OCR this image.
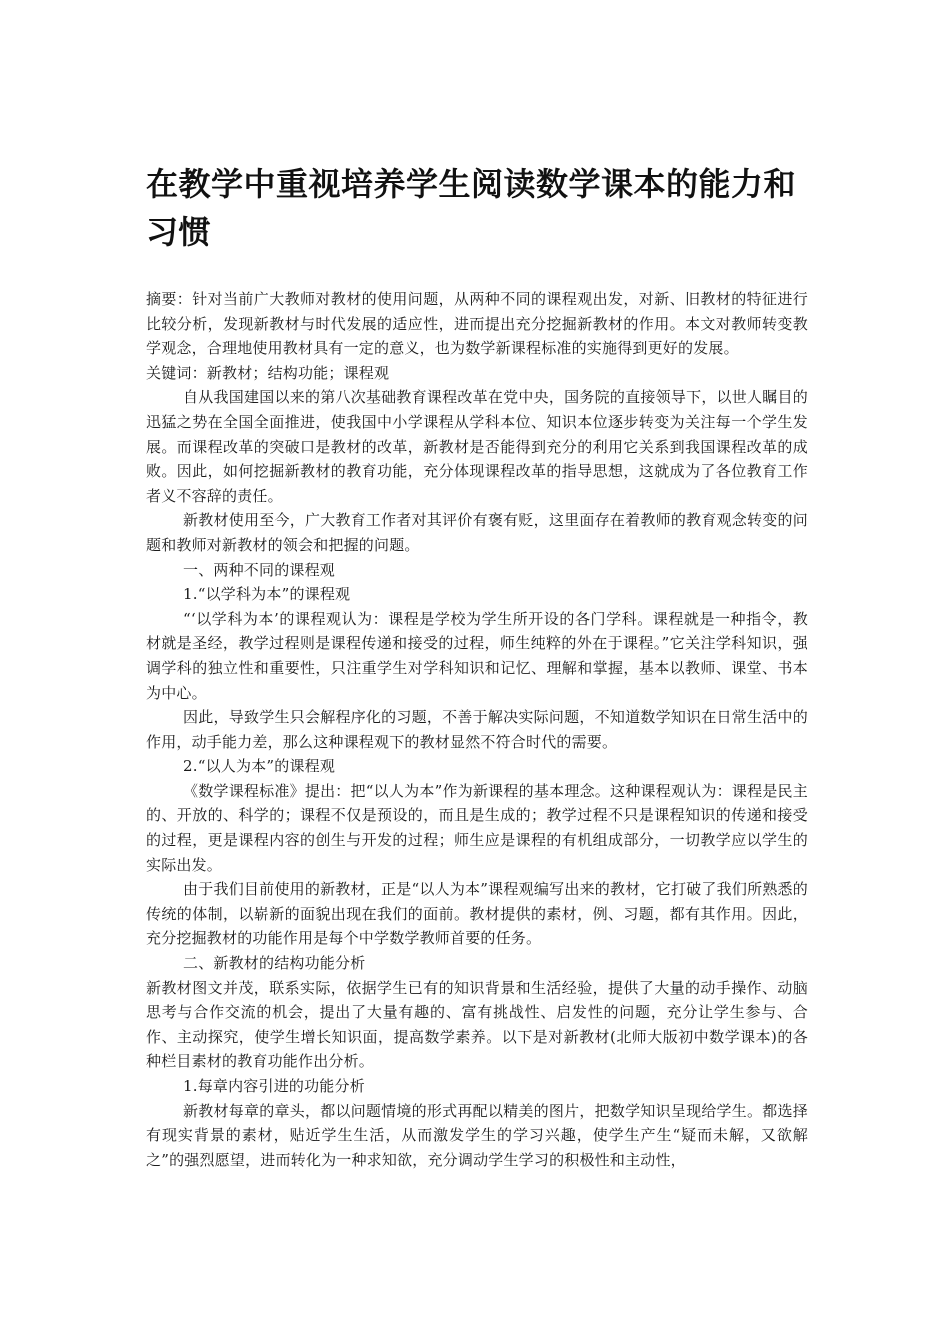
在教学中重视培养学生阅读数学课本的能力和习惯

摘要：针对当前广大教师对教材的使用问题，从两种不同的课程观出发，对新、旧教材的特征进行比较分析，发现新教材与时代发展的适应性，进而提出充分挖掘新教材的作用。本文对教师转变教学观念，合理地使用教材具有一定的意义，也为数学新课程标准的实施得到更好的发展。

关键词：新教材；结构功能；课程观

自从我国建国以来的第八次基础教育课程改革在党中央，国务院的直接领导下，以世人瞩目的迅猛之势在全国全面推进，使我国中小学课程从学科本位、知识本位逐步转变为关注每一个学生发展。而课程改革的突破口是教材的改革，新教材是否能得到充分的利用它关系到我国课程改革的成败。因此，如何挖掘新教材的教育功能，充分体现课程改革的指导思想，这就成为了各位教育工作者义不容辞的责任。

新教材使用至今，广大教育工作者对其评价有褒有贬，这里面存在着教师的教育观念转变的问题和教师对新教材的领会和把握的问题。

一、两种不同的课程观

1.“以学科为本”的课程观

“‘以学科为本’的课程观认为：课程是学校为学生所开设的各门学科。课程就是一种指令，教材就是圣经，教学过程则是课程传递和接受的过程，师生纯粹的外在于课程。”它关注学科知识，强调学科的独立性和重要性，只注重学生对学科知识和记忆、理解和掌握，基本以教师、课堂、书本为中心。

因此，导致学生只会解程序化的习题，不善于解决实际问题，不知道数学知识在日常生活中的作用，动手能力差，那么这种课程观下的教材显然不符合时代的需要。

2.“以人为本”的课程观

《数学课程标准》提出：把“以人为本”作为新课程的基本理念。这种课程观认为：课程是民主的、开放的、科学的；课程不仅是预设的，而且是生成的；教学过程不只是课程知识的传递和接受的过程，更是课程内容的创生与开发的过程；师生应是课程的有机组成部分，一切教学应以学生的实际出发。

由于我们目前使用的新教材，正是“以人为本”课程观编写出来的教材，它打破了我们所熟悉的传统的体制，以崭新的面貌出现在我们的面前。教材提供的素材，例、习题，都有其作用。因此，充分挖掘教材的功能作用是每个中学数学教师首要的任务。

二、新教材的结构功能分析

新教材图文并茂，联系实际，依据学生已有的知识背景和生活经验，提供了大量的动手操作、动脑思考与合作交流的机会，提出了大量有趣的、富有挑战性、启发性的问题，充分让学生参与、合作、主动探究，使学生增长知识面，提高数学素养。以下是对新教材(北师大版初中数学课本)的各种栏目素材的教育功能作出分析。

1.每章内容引进的功能分析

新教材每章的章头，都以问题情境的形式再配以精美的图片，把数学知识呈现给学生。都选择有现实背景的素材，贴近学生生活，从而激发学生的学习兴趣，使学生产生“疑而未解，又欲解之”的强烈愿望，进而转化为一种求知欲，充分调动学生学习的积极性和主动性，
